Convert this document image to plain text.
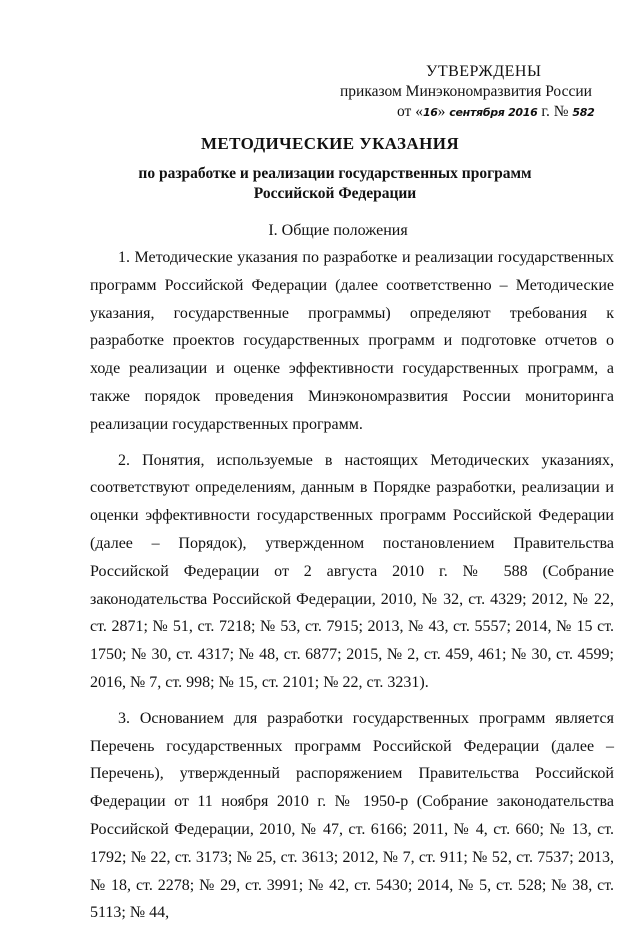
УТВЕРЖДЕНЫ
приказом Минэкономразвития России
от «16» сентября 2016 г. № 582
МЕТОДИЧЕСКИЕ УКАЗАНИЯ
по разработке и реализации государственных программ
Российской Федерации
I. Общие положения

1. Методические указания по разработке и реализации государственных программ Российской Федерации (далее соответственно – Методические указания, государственные программы) определяют требования к разработке проектов государственных программ и подготовке отчетов о ходе реализации и оценке эффективности государственных программ, а также порядок проведения Минэкономразвития России мониторинга реализации государственных программ.

2. Понятия, используемые в настоящих Методических указаниях, соответствуют определениям, данным в Порядке разработки, реализации и оценки эффективности государственных программ Российской Федерации (далее – Порядок), утвержденном постановлением Правительства Российской Федерации от 2 августа 2010 г. № 588 (Собрание законодательства Российской Федерации, 2010, № 32, ст. 4329; 2012, № 22, ст. 2871; № 51, ст. 7218; № 53, ст. 7915; 2013, № 43, ст. 5557; 2014, № 15 ст. 1750; № 30, ст. 4317; № 48, ст. 6877; 2015, № 2, ст. 459, 461; № 30, ст. 4599; 2016, № 7, ст. 998; № 15, ст. 2101; № 22, ст. 3231).

3. Основанием для разработки государственных программ является Перечень государственных программ Российской Федерации (далее – Перечень), утвержденный распоряжением Правительства Российской Федерации от 11 ноября 2010 г. № 1950-р (Собрание законодательства Российской Федерации, 2010, № 47, ст. 6166; 2011, № 4, ст. 660; № 13, ст. 1792; № 22, ст. 3173; № 25, ст. 3613; 2012, № 7, ст. 911; № 52, ст. 7537; 2013, № 18, ст. 2278; № 29, ст. 3991; № 42, ст. 5430; 2014, № 5, ст. 528; № 38, ст. 5113; № 44,
